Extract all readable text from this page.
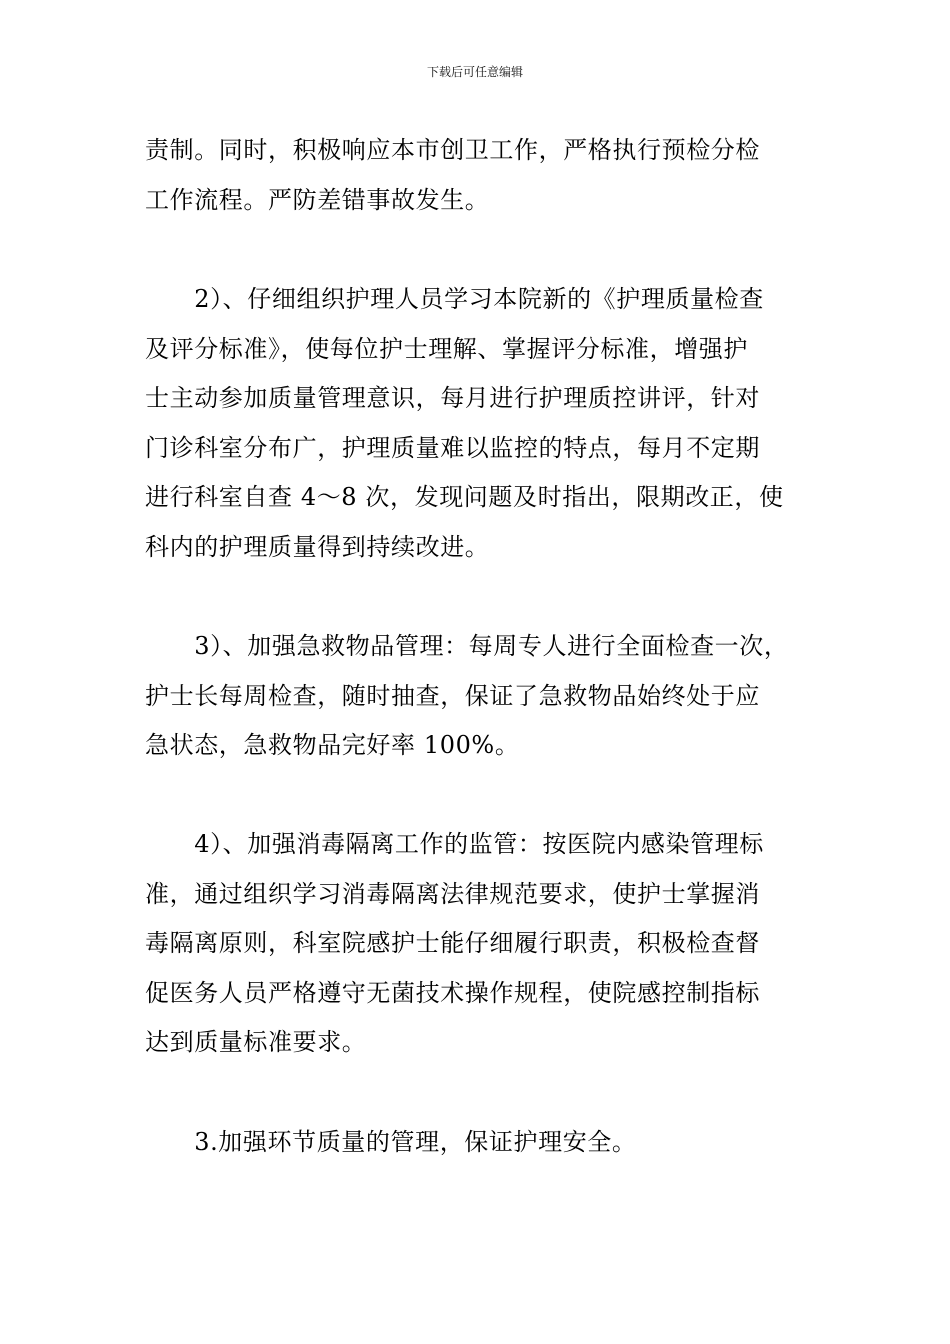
下载后可任意编辑

责制。同时，积极响应本市创卫工作，严格执行预检分检
工作流程。严防差错事故发生。

　　2）、仔细组织护理人员学习本院新的《护理质量检查
及评分标准》，使每位护士理解、掌握评分标准，增强护
士主动参加质量管理意识，每月进行护理质控讲评，针对
门诊科室分布广，护理质量难以监控的特点，每月不定期
进行科室自查 4～8 次，发现问题及时指出，限期改正，使
科内的护理质量得到持续改进。

　　3）、加强急救物品管理：每周专人进行全面检查一次，
护士长每周检查，随时抽查，保证了急救物品始终处于应
急状态，急救物品完好率 100%。

　　4）、加强消毒隔离工作的监管：按医院内感染管理标
准，通过组织学习消毒隔离法律规范要求，使护士掌握消
毒隔离原则，科室院感护士能仔细履行职责，积极检查督
促医务人员严格遵守无菌技术操作规程，使院感控制指标
达到质量标准要求。

　　3.加强环节质量的管理，保证护理安全。
